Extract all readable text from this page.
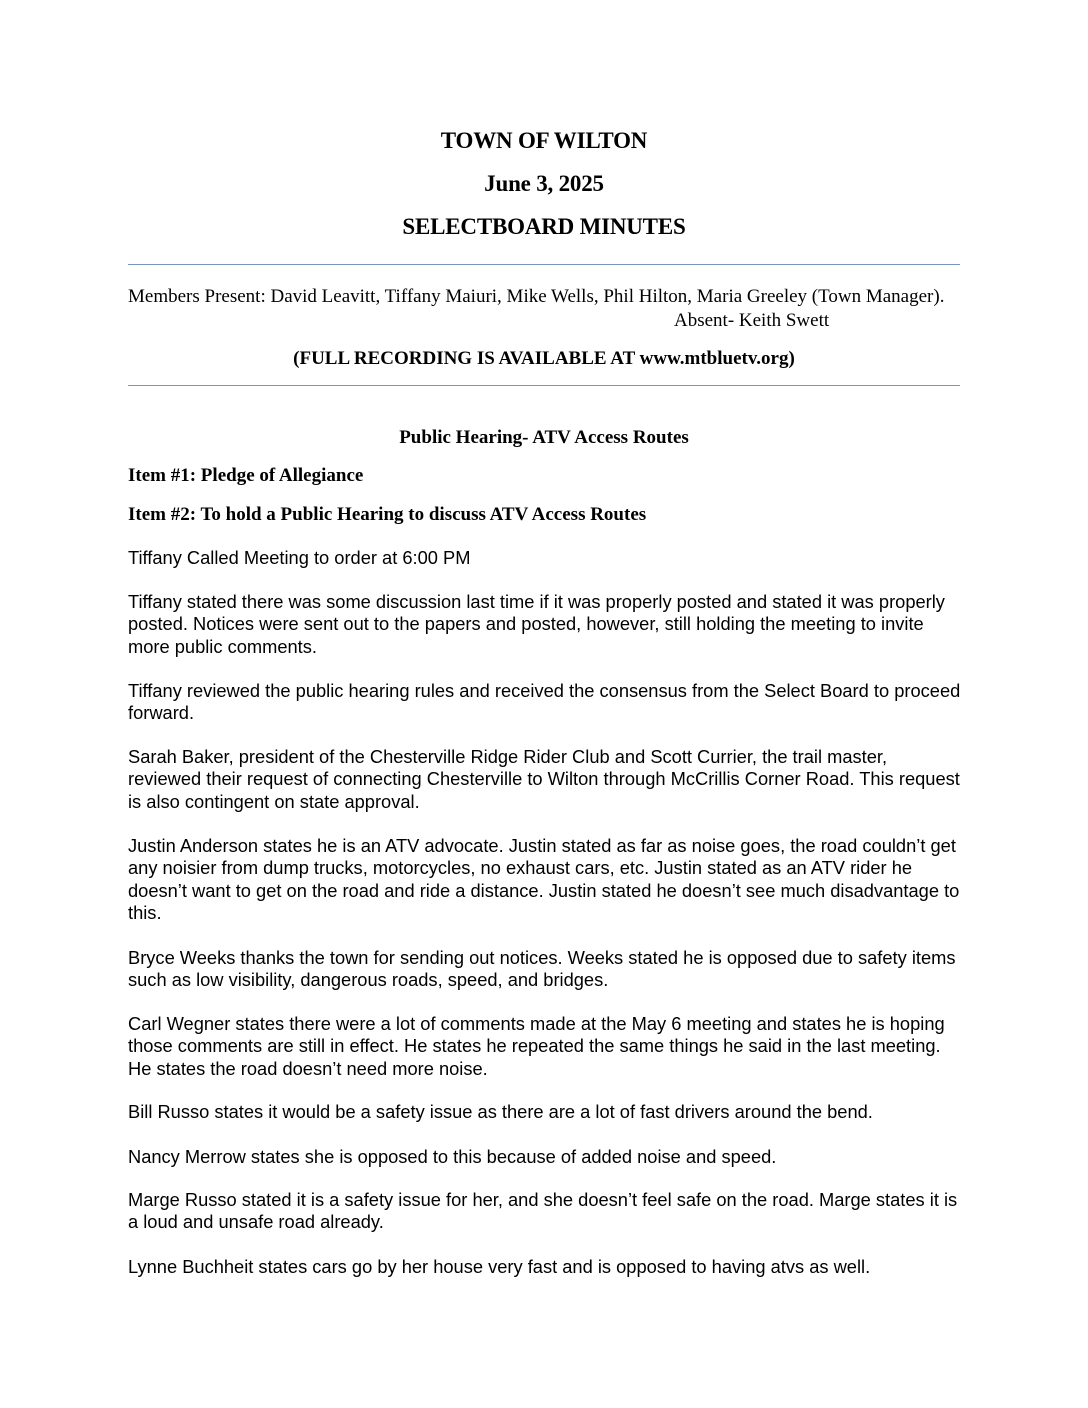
TOWN OF WILTON
June 3, 2025
SELECTBOARD MINUTES
Members Present: David Leavitt, Tiffany Maiuri, Mike Wells, Phil Hilton, Maria Greeley (Town Manager).
Absent- Keith Swett
(FULL RECORDING IS AVAILABLE AT www.mtbluetv.org)
Public Hearing- ATV Access Routes
Item #1: Pledge of Allegiance
Item #2: To hold a Public Hearing to discuss ATV Access Routes
Tiffany Called Meeting to order at 6:00 PM
Tiffany stated there was some discussion last time if it was properly posted and stated it was properly posted. Notices were sent out to the papers and posted, however, still holding the meeting to invite more public comments.
Tiffany reviewed the public hearing rules and received the consensus from the Select Board to proceed forward.
Sarah Baker, president of the Chesterville Ridge Rider Club and Scott Currier, the trail master, reviewed their request of connecting Chesterville to Wilton through McCrillis Corner Road. This request is also contingent on state approval.
Justin Anderson states he is an ATV advocate. Justin stated as far as noise goes, the road couldn’t get any noisier from dump trucks, motorcycles, no exhaust cars, etc. Justin stated as an ATV rider he doesn’t want to get on the road and ride a distance. Justin stated he doesn’t see much disadvantage to this.
Bryce Weeks thanks the town for sending out notices. Weeks stated he is opposed due to safety items such as low visibility, dangerous roads, speed, and bridges.
Carl Wegner states there were a lot of comments made at the May 6 meeting and states he is hoping those comments are still in effect. He states he repeated the same things he said in the last meeting. He states the road doesn’t need more noise.
Bill Russo states it would be a safety issue as there are a lot of fast drivers around the bend.
Nancy Merrow states she is opposed to this because of added noise and speed.
Marge Russo stated it is a safety issue for her, and she doesn’t feel safe on the road. Marge states it is a loud and unsafe road already.
Lynne Buchheit states cars go by her house very fast and is opposed to having atvs as well.
